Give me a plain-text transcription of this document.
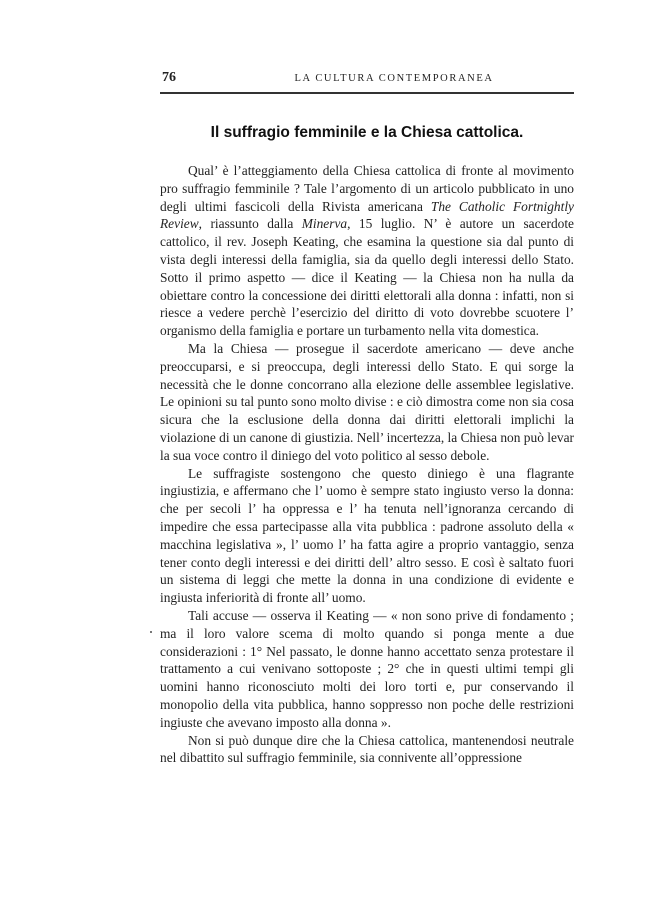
76	LA CULTURA CONTEMPORANEA
Il suffragio femminile e la Chiesa cattolica.

Qual’ è l’atteggiamento della Chiesa cattolica di fronte al movimento pro suffragio femminile ? Tale l’argomento di un articolo pubblicato in uno degli ultimi fascicoli della Rivista americana The Catholic Fortnightly Review, riassunto dalla Minerva, 15 luglio. N’ è autore un sacerdote cattolico, il rev. Joseph Keating, che esamina la questione sia dal punto di vista degli interessi della famiglia, sia da quello degli interessi dello Stato. Sotto il primo aspetto — dice il Keating — la Chiesa non ha nulla da obiettare contro la concessione dei diritti elettorali alla donna : infatti, non si riesce a vedere perchè l’esercizio del diritto di voto dovrebbe scuotere l’ organismo della famiglia e portare un turbamento nella vita domestica.

Ma la Chiesa — prosegue il sacerdote americano — deve anche preoccuparsi, e si preoccupa, degli interessi dello Stato. E qui sorge la necessità che le donne concorrano alla elezione delle assemblee legislative. Le opinioni su tal punto sono molto divise : e ciò dimostra come non sia cosa sicura che la esclusione della donna dai diritti elettorali implichi la violazione di un canone di giustizia. Nell’ incertezza, la Chiesa non può levar la sua voce contro il diniego del voto politico al sesso debole.

Le suffragiste sostengono che questo diniego è una flagrante ingiustizia, e affermano che l’ uomo è sempre stato ingiusto verso la donna: che per secoli l’ ha oppressa e l’ ha tenuta nell’ignoranza cercando di impedire che essa partecipasse alla vita pubblica : padrone assoluto della « macchina legislativa », l’ uomo l’ ha fatta agire a proprio vantaggio, senza tener conto degli interessi e dei diritti dell’ altro sesso. E così è saltato fuori un sistema di leggi che mette la donna in una condizione di evidente e ingiusta inferiorità di fronte all’ uomo.

Tali accuse — osserva il Keating — « non sono prive di fondamento ; ma il loro valore scema di molto quando si ponga mente a due considerazioni : 1° Nel passato, le donne hanno accettato senza protestare il trattamento a cui venivano sottoposte ; 2° che in questi ultimi tempi gli uomini hanno riconosciuto molti dei loro torti e, pur conservando il monopolio della vita pubblica, hanno soppresso non poche delle restrizioni ingiuste che avevano imposto alla donna ».

Non si può dunque dire che la Chiesa cattolica, mantenendosi neutrale nel dibattito sul suffragio femminile, sia connivente all’oppressione
